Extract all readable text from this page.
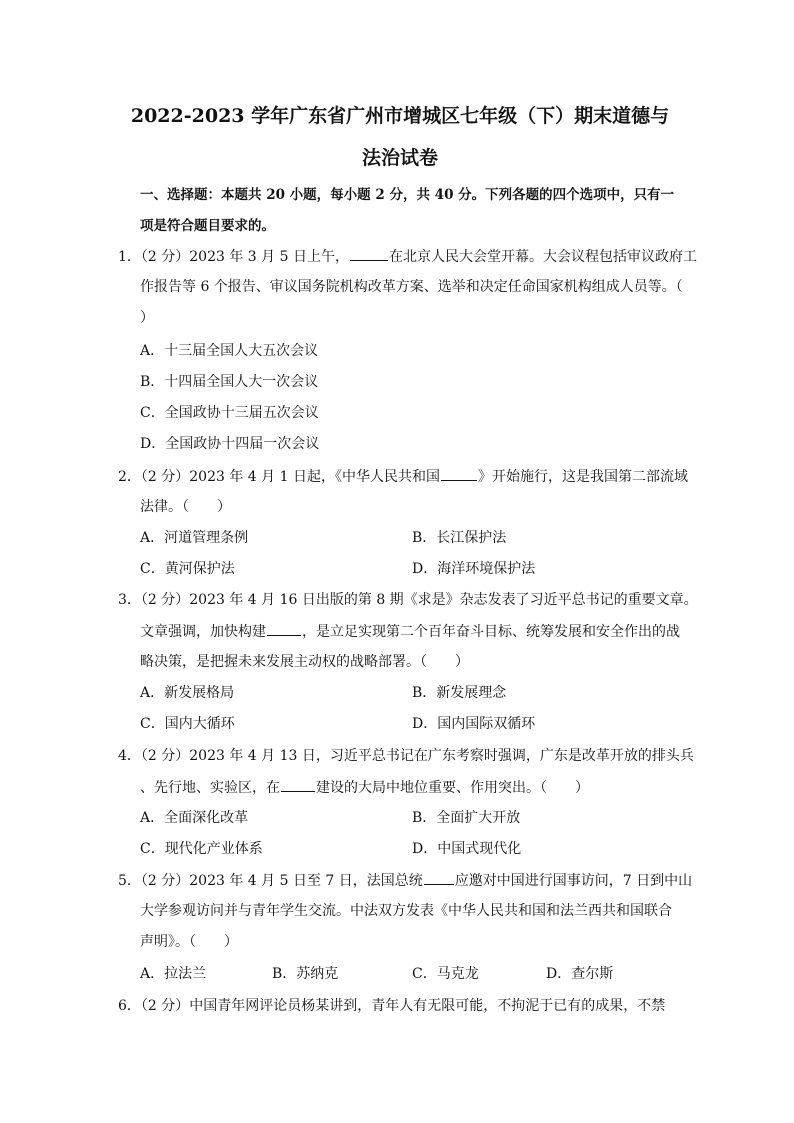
2022-2023 学年广东省广州市增城区七年级（下）期末道德与
法治试卷
一、选择题：本题共 20 小题，每小题 2 分，共 40 分。下列各题的四个选项中，只有一
项是符合题目要求的。
1．（2 分）2023 年 3 月 5 日上午，	在北京人民大会堂开幕。大会议程包括审议政府工
作报告等 6 个报告、审议国务院机构改革方案、选举和决定任命国家机构组成人员等。（
）
A．十三届全国人大五次会议
B．十四届全国人大一次会议
C．全国政协十三届五次会议
D．全国政协十四届一次会议
2．（2 分）2023 年 4 月 1 日起，《中华人民共和国	》开始施行，这是我国第二部流域
法律。（　　）
A．河道管理条例	B．长江保护法
C．黄河保护法	D．海洋环境保护法
3．（2 分）2023 年 4 月 16 日出版的第 8 期《求是》杂志发表了习近平总书记的重要文章。
文章强调，加快构建	，是立足实现第二个百年奋斗目标、统筹发展和安全作出的战
略决策，是把握未来发展主动权的战略部署。（　　）
A．新发展格局	B．新发展理念
C．国内大循环	D．国内国际双循环
4．（2 分）2023 年 4 月 13 日，习近平总书记在广东考察时强调，广东是改革开放的排头兵
、先行地、实验区，在	建设的大局中地位重要、作用突出。（　　）
A．全面深化改革	B．全面扩大开放
C．现代化产业体系	D．中国式现代化
5．（2 分）2023 年 4 月 5 日至 7 日，法国总统 应邀对中国进行国事访问，7 日到中山
大学参观访问并与青年学生交流。中法双方发表《中华人民共和国和法兰西共和国联合
声明》。（　　）
A．拉法兰	B．苏纳克	C．马克龙	D．查尔斯
6．（2 分）中国青年网评论员杨某讲到，青年人有无限可能，不拘泥于已有的成果，不禁
